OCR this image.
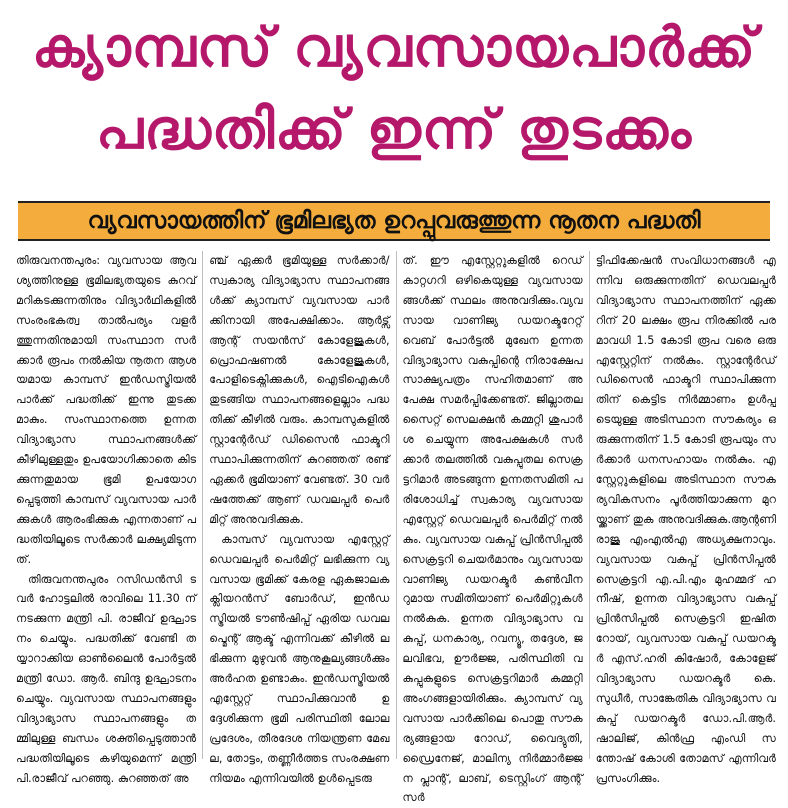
ക്യാമ്പസ് വ്യവസായപാർക്ക്
പദ്ധതിക്ക് ഇന്ന് തുടക്കം
വ്യവസായത്തിന് ഭൂമിലഭ്യത ഉറപ്പുവരുത്തുന്ന നൂതന പദ്ധതി

തിരുവനന്തപുരം: വ്യവസായ ആവശ്യത്തിനുള്ള ഭൂമിലഭ്യതയുടെ കുറവ് മറികടക്കുന്നതിനും വിദ്യാർഥികളിൽ സംരംഭകത്വ താൽപര്യം വളർത്തുന്നതിനുമായി സംസ്ഥാന സർക്കാർ രൂപം നൽകിയ നൂതന ആശയമായ കാമ്പസ് ഇൻഡസ്ട്രിയൽ പാർക്ക് പദ്ധതിക്ക് ഇന്നു തുടക്കമാകും. സംസ്ഥാനത്തെ ഉന്നത വിദ്യാഭ്യാസ സ്ഥാപനങ്ങൾക്ക് കീഴിലുള്ളതും ഉപയോഗിക്കാതെ കിടക്കുന്നതുമായ ഭൂമി ഉപയോഗപ്പെടുത്തി കാമ്പസ് വ്യവസായ പാർക്കുകൾ ആരംഭിക്കുക എന്നതാണ് പദ്ധതിയിലൂടെ സർക്കാർ ലക്ഷ്യമിടുന്നത്.

തിരുവനന്തപുരം റസിഡൻസി ടവർ ഹോട്ടലിൽ രാവിലെ 11.30 ന് നടക്കുന്ന മന്ത്രി പി. രാജീവ് ഉദ്ഘാടനം ചെയ്യും. പദ്ധതിക്ക് വേണ്ടി തയ്യാറാക്കിയ ഓൺലൈൻ പോർട്ടൽ മന്ത്രി ഡോ. ആർ. ബിന്ദു ഉദ്ഘാടനം ചെയ്യും. വ്യവസായ സ്ഥാപനങ്ങളും വിദ്യാഭ്യാസ സ്ഥാപനങ്ങളും തമ്മിലുള്ള ബന്ധം ശക്തിപ്പെടുത്താൻ പദ്ധതിയിലൂടെ കഴിയുമെന്ന് മന്ത്രി പി.രാജീവ് പറഞ്ഞു. കുറഞ്ഞത് അ

ഞ്ച് ഏക്കർ ഭൂമിയുള്ള സർക്കാർ/ സ്വകാര്യ വിദ്യാഭ്യാസ സ്ഥാപനങ്ങൾക്ക് ക്യാമ്പസ് വ്യവസായ പാർക്കിനായി അപേക്ഷിക്കാം. ആർട്സ് ആന്റ് സയൻസ് കോളേജുകൾ, പ്രൊഫഷണൽ കോളേജുകൾ, പോളിടെക്നിക്കുകൾ, ഐടിഐകൾ തുടങ്ങിയ സ്ഥാപനങ്ങളെല്ലാം പദ്ധതിക്ക് കീഴിൽ വരും. കാമ്പസുകളിൽ സ്റ്റാന്റേർഡ് ഡിസൈൻ ഫാക്ടറി സ്ഥാപിക്കുന്നതിന് കുറഞ്ഞത് രണ്ട് ഏക്കർ ഭൂമിയാണ് വേണ്ടത്. 30 വർഷത്തേക്ക് ആണ് ഡവലപ്പർ പെർമിറ്റ് അനുവദിക്കുക.

കാമ്പസ് വ്യവസായ എസ്റ്റേറ്റ് ഡെവലപ്പർ പെർമിറ്റ് ലഭിക്കുന്ന വ്യവസായ ഭൂമിക്ക് കേരള ഏകജാലക ക്ലിയറൻസ് ബോർഡ്, ഇൻഡസ്ട്രിയൽ ടൗൺഷിപ്പ് ഏരിയ ഡവലപ്മെന്റ് ആക്ട് എന്നിവക്ക് കീഴിൽ ലഭിക്കുന്ന മുഴുവൻ ആനുകൂല്യങ്ങൾക്കും അർഹത ഉണ്ടാകും. ഇൻഡസ്ട്രിയൽ എസ്റ്റേറ്റ് സ്ഥാപിക്കുവാൻ ഉദ്ദേശിക്കുന്ന ഭൂമി പരിസ്ഥിതി ലോല പ്രദേശം, തീരദേശ നിയന്ത്രണ മേഖല, തോട്ടം, തണ്ണീർത്തട സംരക്ഷണ നിയമം എന്നിവയിൽ ഉൾപ്പെടരു

ത്. ഈ എസ്റ്റേറ്റുകളിൽ റെഡ് കാറ്റഗറി ഒഴികെയുള്ള വ്യവസായങ്ങൾക്ക് സ്ഥലം അനുവദിക്കും.വ്യവസായ വാണിജ്യ ഡയറക്ടറേറ്റ് വെബ് പോർട്ടൽ മുഖേന ഉന്നത വിദ്യാഭ്യാസ വകുപ്പിന്റെ നിരാക്ഷേപ സാക്ഷ്യപത്രം സഹിതമാണ് അപേക്ഷ സമർപ്പിക്കേണ്ടത്. ജില്ലാതല സൈറ്റ് സെലക്ഷൻ കമ്മറ്റി ശുപാർശ ചെയ്യുന്ന അപേക്ഷകൾ സർക്കാർ തലത്തിൽ വകുപ്പുതല സെക്രട്ടറിമാർ അടങ്ങുന്ന ഉന്നതസമിതി പരിശോധിച്ച് സ്വകാര്യ വ്യവസായ എസ്റ്റേറ്റ് ഡെവലപ്പർ പെർമിറ്റ് നൽകും. വ്യവസായ വകുപ്പ് പ്രിൻസിപ്പൽ സെക്രട്ടറി ചെയർമാനും വ്യവസായ വാണിജ്യ ഡയറക്ടർ കൺവീനറുമായ സമിതിയാണ് പെർമിറ്റുകൾ നൽകുക. ഉന്നത വിദ്യാഭ്യാസ വകുപ്പ്, ധനകാര്യ, റവന്യൂ, തദ്ദേശ, ജലവിഭവ, ഊർജ്ജ, പരിസ്ഥിതി വകുപ്പുകളുടെ സെക്രട്ടറിമാർ കമ്മറ്റി അംഗങ്ങളായിരിക്കും. ക്യാമ്പസ് വ്യവസായ പാർക്കിലെ പൊതു സൗകര്യങ്ങളായ റോഡ്, വൈദ്യുതി, ഡ്രൈനേജ്, മാലിന്യ നിർമ്മാർജ്ജന പ്ലാന്റ്, ലാബ്, ടെസ്റ്റിംഗ് ആന്റ് സർ

ട്ടിഫിക്കേഷൻ സംവിധാനങ്ങൾ എന്നിവ ഒരുക്കുന്നതിന് ഡെവലപ്പർ വിദ്യാഭ്യാസ സ്ഥാപനത്തിന് ഏക്കറിന് 20 ലക്ഷം രൂപ നിരക്കിൽ പരമാവധി 1.5 കോടി രൂപ വരെ ഒരു എസ്റ്റേറ്റിന് നൽകും. സ്റ്റാന്റേർഡ് ഡിസൈൻ ഫാക്ടറി സ്ഥാപിക്കുന്നതിന് കെട്ടിട നിർമ്മാണം ഉൾപ്പടെയുള്ള അടിസ്ഥാന സൗകര്യം ഒരുക്കുന്നതിന് 1.5 കോടി രൂപയും സർക്കാർ ധനസഹായം നൽകും. എസ്റ്റേറ്റുകളിലെ അടിസ്ഥാന സൗകര്യവികസനം പൂർത്തിയാക്കുന്ന മുറയ്ക്കാണ് തുക അനുവദിക്കുക.ആന്റണി രാജു എംഎൽഎ അധ്യക്ഷനാവും. വ്യവസായ വകുപ്പ് പ്രിൻസിപ്പൽ സെക്രട്ടറി എ.പി.എം മുഹമ്മദ് ഹനീഷ്, ഉന്നത വിദ്യാഭ്യാസ വകുപ്പ് പ്രിൻസിപ്പൽ സെക്രട്ടറി ഇഷിത റോയ്, വ്യവസായ വകുപ്പ് ഡയറക്ടർ എസ്.ഹരി കിഷോർ, കോളേജ് വിദ്യാഭ്യാസ ഡയറക്ടർ കെ. സുധീർ, സാങ്കേതിക വിദ്യാഭ്യാസ വകുപ്പ് ഡയറക്ടർ ഡോ.പി.ആർ. ഷാലിജ്, കിൻഫ്ര എംഡി സന്തോഷ് കോശി തോമസ് എന്നിവർ പ്രസംഗിക്കും.
